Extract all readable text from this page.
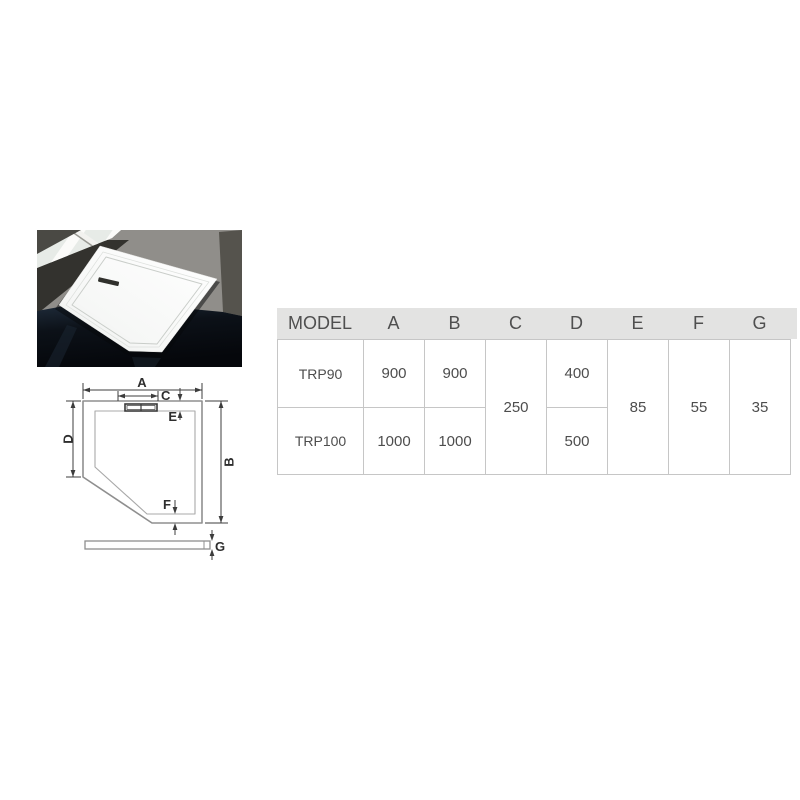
A
C
E
D
B
F
G
MODEL	A	B	C	D	E	F	G
TRP90	900	900	250	400	85	55	35
TRP100	1000	1000		500			
